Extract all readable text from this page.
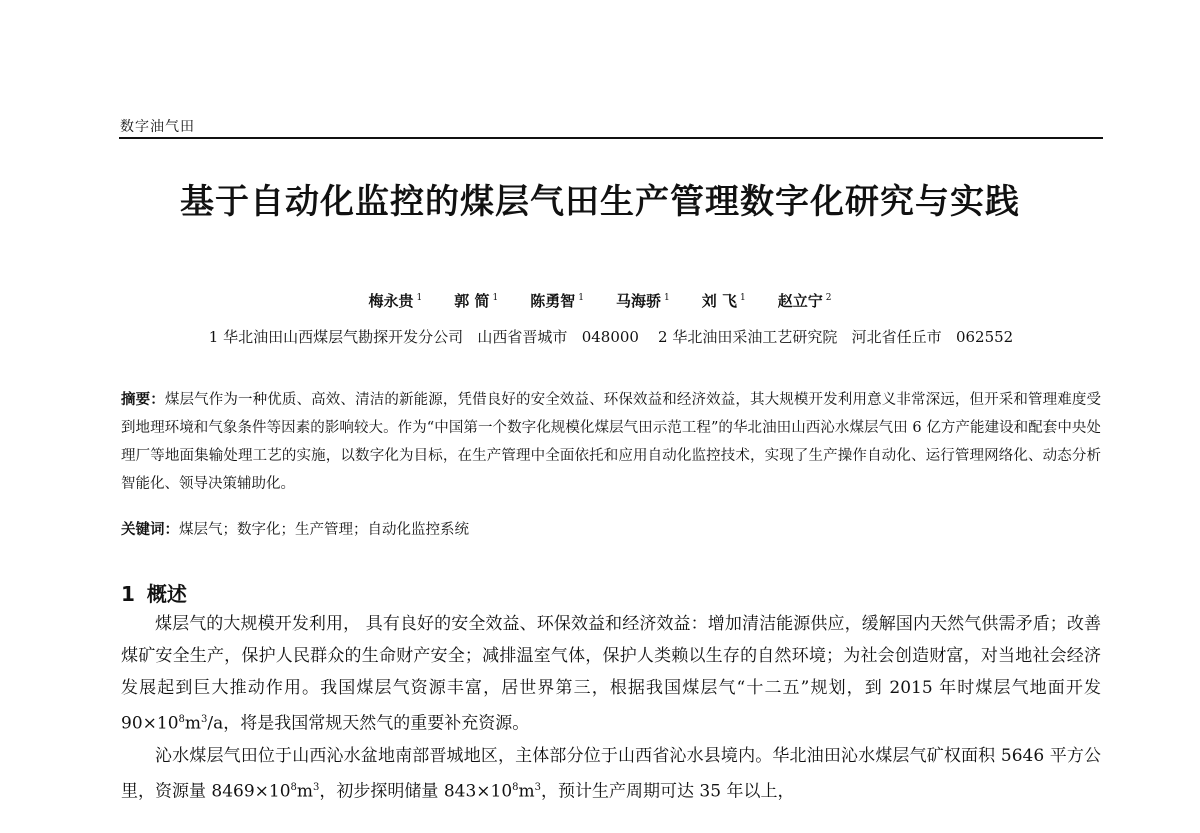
数字油气田
基于自动化监控的煤层气田生产管理数字化研究与实践
梅永贵 $^1$ 郭 简 $^1$ 陈勇智 $^1$ 马海骄 $^1$ 刘 飞 $^1$ 赵立宁 $^2$
1 华北油田山西煤层气勘探开发分公司   山西省晋城市   048000    2 华北油田采油工艺研究院   河北省任丘市   062552
摘要：煤层气作为一种优质、高效、清洁的新能源，凭借良好的安全效益、环保效益和经济效益，其大规模开发利用意义非常深远，但开采和管理难度受到地理环境和气象条件等因素的影响较大。作为“中国第一个数字化规模化煤层气田示范工程”的华北油田山西沁水煤层气田 6 亿方产能建设和配套中央处理厂等地面集输处理工艺的实施，以数字化为目标，在生产管理中全面依托和应用自动化监控技术，实现了生产操作自动化、运行管理网络化、动态分析智能化、领导决策辅助化。
关键词：煤层气；数字化；生产管理；自动化监控系统
1 概述

煤层气的大规模开发利用， 具有良好的安全效益、环保效益和经济效益：增加清洁能源供应，缓解国内天然气供需矛盾；改善煤矿安全生产，保护人民群众的生命财产安全；减排温室气体，保护人类赖以生存的自然环境；为社会创造财富，对当地社会经济发展起到巨大推动作用。我国煤层气资源丰富，居世界第三，根据我国煤层气“十二五”规划，到 2015 年时煤层气地面开发 $90\times 10^8m^3/a$，将是我国常规天然气的重要补充资源。

沁水煤层气田位于山西沁水盆地南部晋城地区，主体部分位于山西省沁水县境内。华北油田沁水煤层气矿权面积 5646 平方公里，资源量 $8469\times 10^8m^3$，初步探明储量 $843\times 10^8m^3$，预计生产周期可达 35 年以上，
